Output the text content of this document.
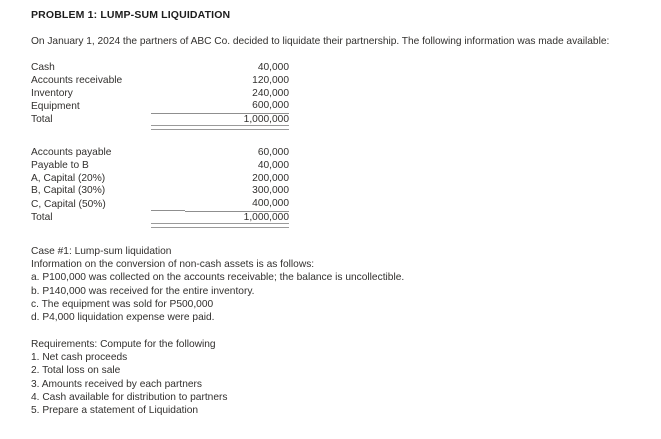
PROBLEM 1: LUMP-SUM LIQUIDATION
On January 1, 2024 the partners of ABC Co. decided to liquidate their partnership. The following information was made available:
Cash	40,000
Accounts receivable	120,000
Inventory	240,000
Equipment	600,000
Total	1,000,000
Accounts payable	60,000
Payable to B	40,000
A, Capital (20%)	200,000
B, Capital (30%)	300,000
C, Capital (50%)	400,000
Total	1,000,000
Case #1: Lump-sum liquidation
Information on the conversion of non-cash assets is as follows:
a. P100,000 was collected on the accounts receivable; the balance is uncollectible.
b. P140,000 was received for the entire inventory.
c. The equipment was sold for P500,000
d. P4,000 liquidation expense were paid.
Requirements: Compute for the following
1. Net cash proceeds
2. Total loss on sale
3. Amounts received by each partners
4. Cash available for distribution to partners
5. Prepare a statement of Liquidation
